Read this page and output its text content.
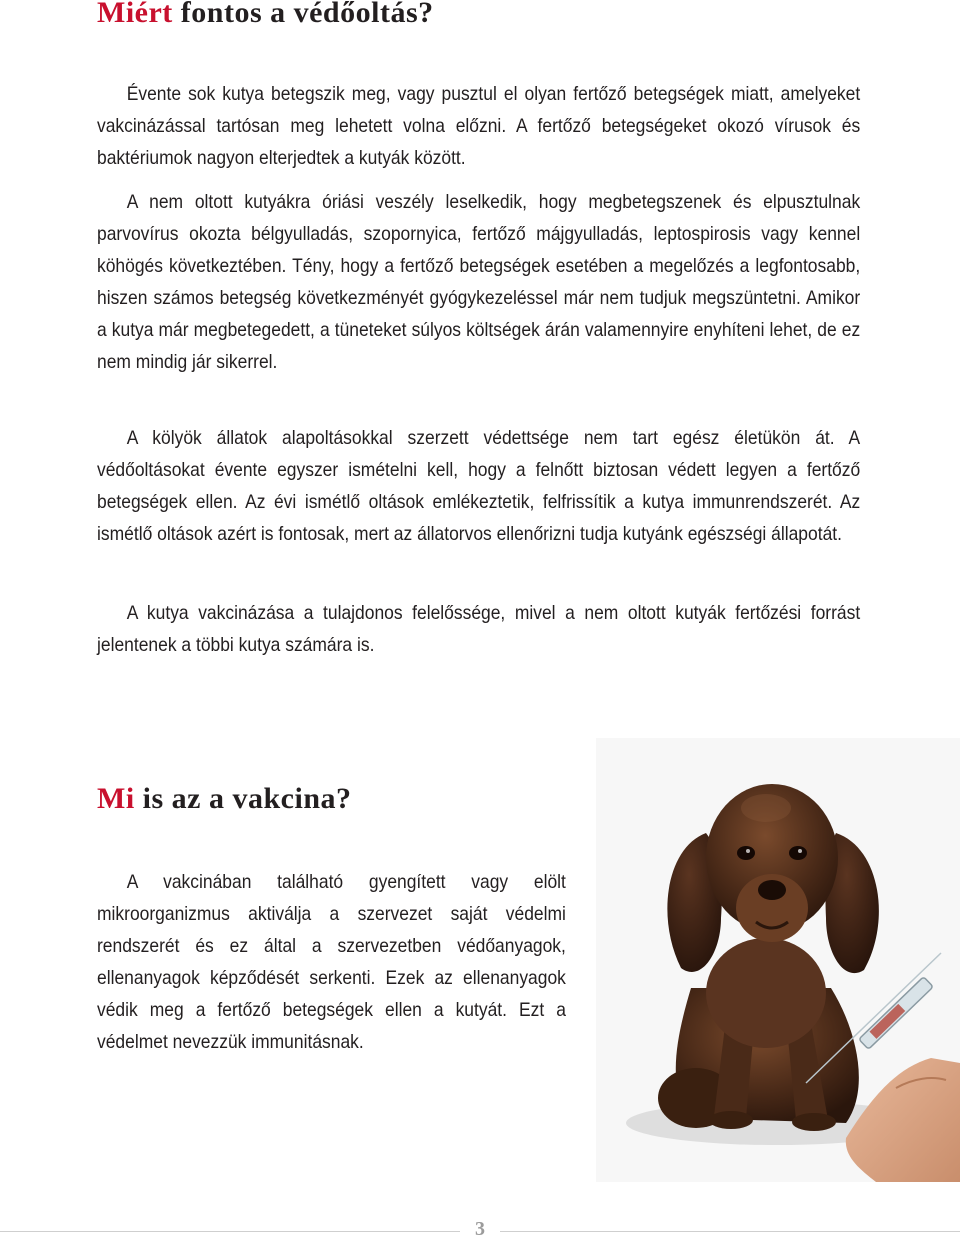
Miért fontos a védőoltás?

Évente sok kutya betegszik meg, vagy pusztul el olyan fertőző betegségek miatt, amelyeket vakcinázással tartósan meg lehetett volna előzni. A fertőző betegségeket okozó vírusok és baktériumok nagyon elterjedtek a kutyák között.

A nem oltott kutyákra óriási veszély leselkedik, hogy megbetegszenek és elpusztulnak parvovírus okozta bélgyulladás, szopornyica, fertőző májgyulladás, leptospirosis vagy kennel köhögés következtében. Tény, hogy a fertőző betegségek esetében a megelőzés a legfontosabb, hiszen számos betegség következményét gyógykezeléssel már nem tudjuk megszüntetni. Amikor a kutya már megbetegedett, a tüneteket súlyos költségek árán valamennyire enyhíteni lehet, de ez nem mindig jár sikerrel.

A kölyök állatok alapoltásokkal szerzett védettsége nem tart egész életükön át. A védőoltásokat évente egyszer ismételni kell, hogy a felnőtt biztosan védett legyen a fertőző betegségek ellen. Az évi ismétlő oltások emlékeztetik, felfrissítik a kutya immunrendszerét. Az ismétlő oltások azért is fontosak, mert az állatorvos ellenőrizni tudja kutyánk egészségi állapotát.

A kutya vakcinázása a tulajdonos felelőssége, mivel a nem oltott kutyák fertőzési forrást jelentenek a többi kutya számára is.

Mi is az a vakcina?

A vakcinában található gyengített vagy elölt mikroorganizmus aktiválja a szervezet saját védelmi rendszerét és ez által a szervezetben védőanyagok, ellenanyagok képződését serkenti. Ezek az ellenanyagok védik meg a fertőző betegségek ellen a kutyát. Ezt a védelmet nevezzük immunitásnak.

3
